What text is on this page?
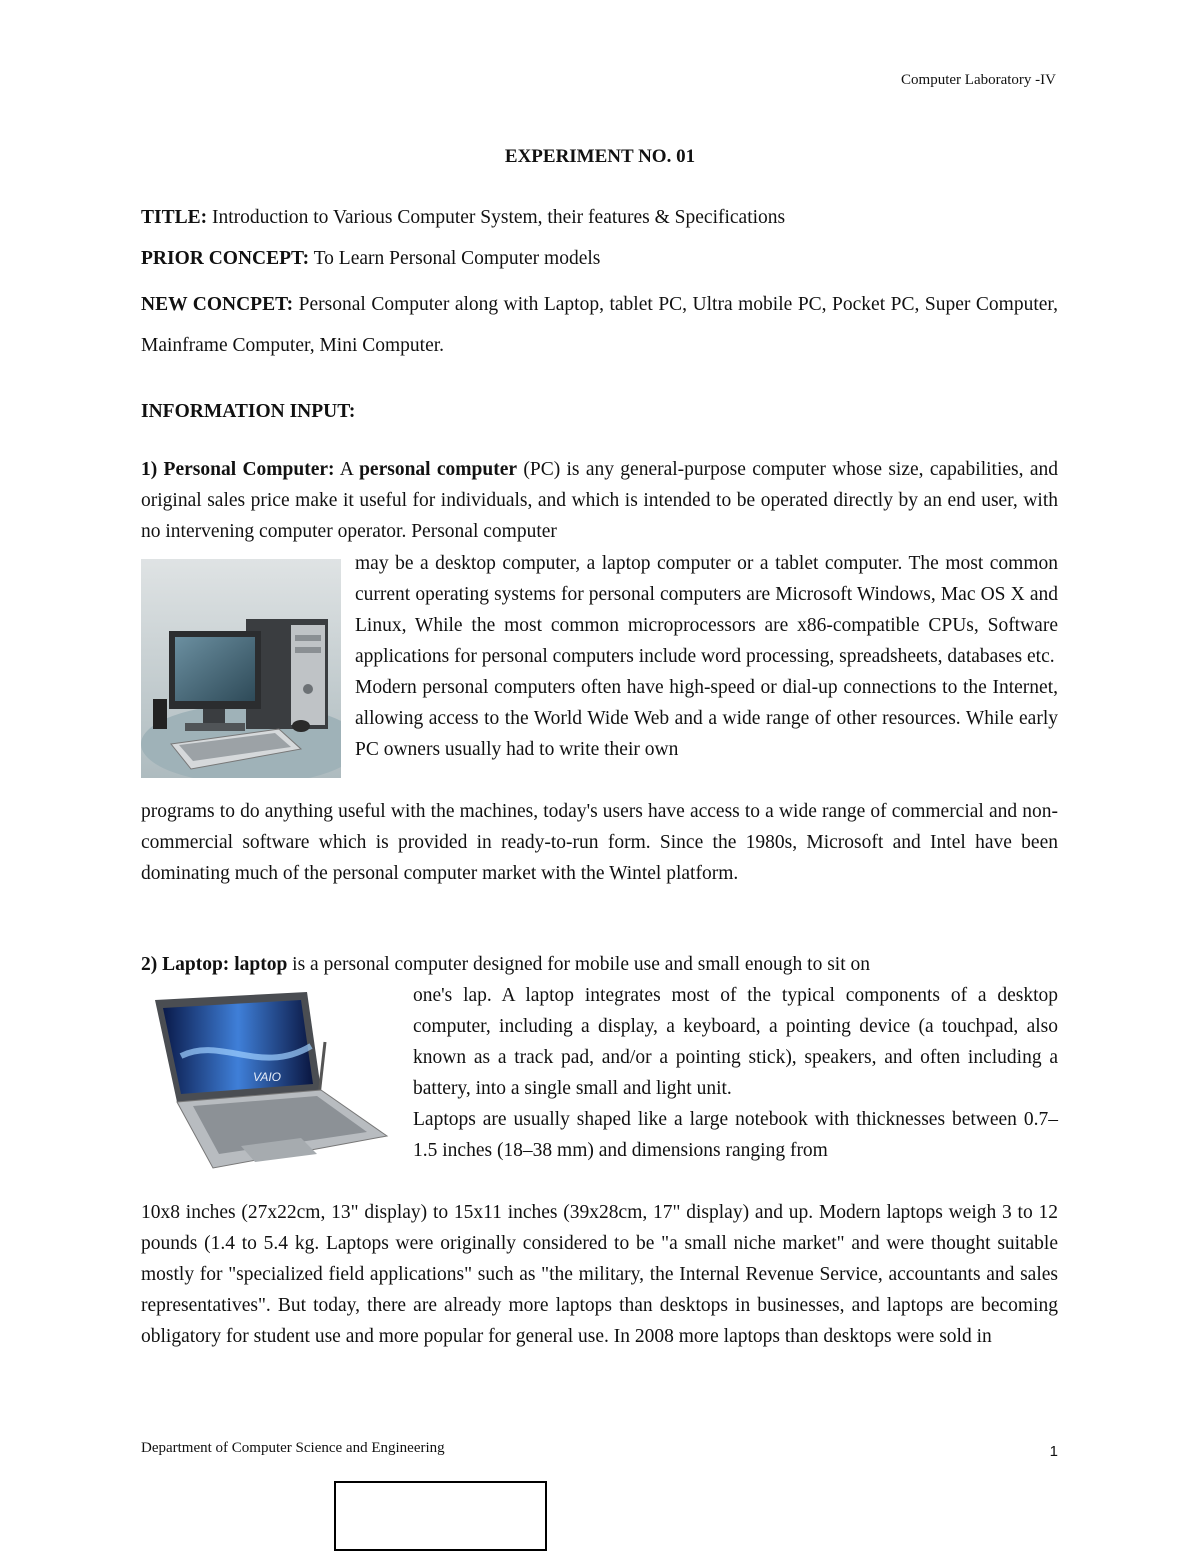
Computer Laboratory -IV
EXPERIMENT NO. 01
TITLE: Introduction to Various Computer System, their features & Specifications
PRIOR CONCEPT: To Learn Personal Computer models
NEW CONCPET: Personal Computer along with Laptop, tablet PC, Ultra mobile PC, Pocket PC, Super Computer, Mainframe Computer, Mini Computer.
INFORMATION INPUT:
1) Personal Computer: A personal computer (PC) is any general-purpose computer whose size, capabilities, and original sales price make it useful for individuals, and which is intended to be operated directly by an end user, with no intervening computer operator. Personal computer
may be a desktop computer, a laptop computer or a tablet computer. The most common current operating systems for personal computers are Microsoft Windows, Mac OS X and Linux, While the most common microprocessors are x86-compatible CPUs, Software applications for personal computers include word processing, spreadsheets, databases etc.
Modern personal computers often have high-speed or dial-up connections to the Internet, allowing access to the World Wide Web and a wide range of other resources. While early PC owners usually had to write their own
programs to do anything useful with the machines, today's users have access to a wide range of commercial and non-commercial software which is provided in ready-to-run form. Since the 1980s, Microsoft and Intel have been dominating much of the personal computer market with the Wintel platform.
2) Laptop: laptop is a personal computer designed for mobile use and small enough to sit on
VAIO
one's lap. A laptop integrates most of the typical components of a desktop computer, including a display, a keyboard, a pointing device (a touchpad, also known as a track pad, and/or a pointing stick), speakers, and often including a battery, into a single small and light unit.
Laptops are usually shaped like a large notebook with thicknesses between 0.7–1.5 inches (18–38 mm) and dimensions ranging from
10x8 inches (27x22cm, 13" display) to 15x11 inches (39x28cm, 17" display) and up. Modern laptops weigh 3 to 12 pounds (1.4 to 5.4 kg. Laptops were originally considered to be "a small niche market" and were thought suitable mostly for "specialized field applications" such as "the military, the Internal Revenue Service, accountants and sales representatives". But today, there are already more laptops than desktops in businesses, and laptops are becoming obligatory for student use and more popular for general use. In 2008 more laptops than desktops were sold in
Department of Computer Science and Engineering	1
